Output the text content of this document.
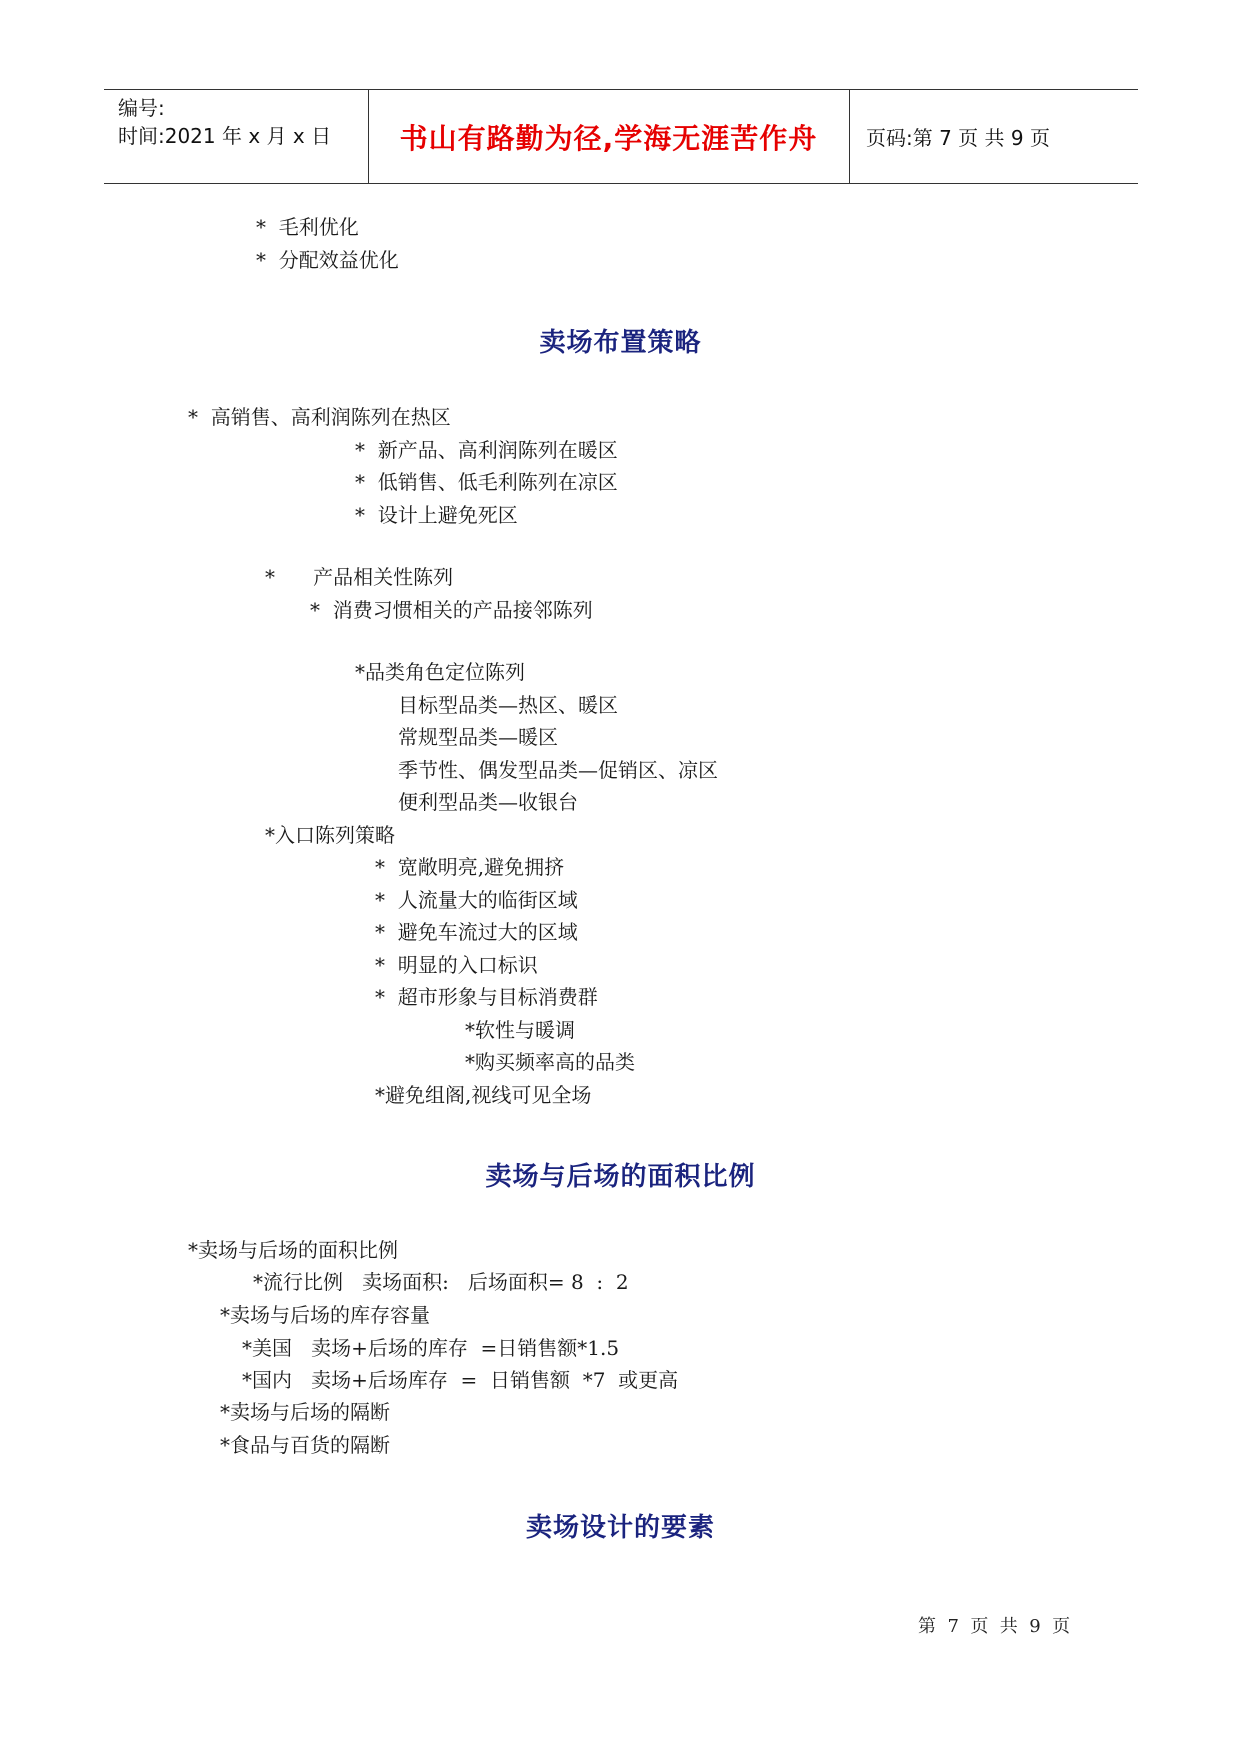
编号:
时间:2021 年 x 月 x 日	书山有路勤为径,学海无涯苦作舟	页码:第 7 页 共 9 页
*  毛利优化
*  分配效益优化
卖场布置策略
*  高销售、高利润陈列在热区
*  新产品、高利润陈列在暖区
*  低销售、低毛利陈列在凉区
*  设计上避免死区
*      产品相关性陈列
*  消费习惯相关的产品接邻陈列
*品类角色定位陈列
目标型品类—热区、暖区
常规型品类—暖区
季节性、偶发型品类—促销区、凉区
便利型品类—收银台
*入口陈列策略
*  宽敞明亮,避免拥挤
*  人流量大的临街区域
*  避免车流过大的区域
*  明显的入口标识
*  超市形象与目标消费群
*软性与暖调
*购买频率高的品类
*避免组阁,视线可见全场
卖场与后场的面积比例
*卖场与后场的面积比例
*流行比例   卖场面积:   后场面积= 8  :  2
*卖场与后场的库存容量
*美国   卖场+后场的库存  =日销售额*1.5
*国内   卖场+后场库存  =  日销售额  *7  或更高
*卖场与后场的隔断
*食品与百货的隔断
卖场设计的要素
第  7  页  共  9  页
